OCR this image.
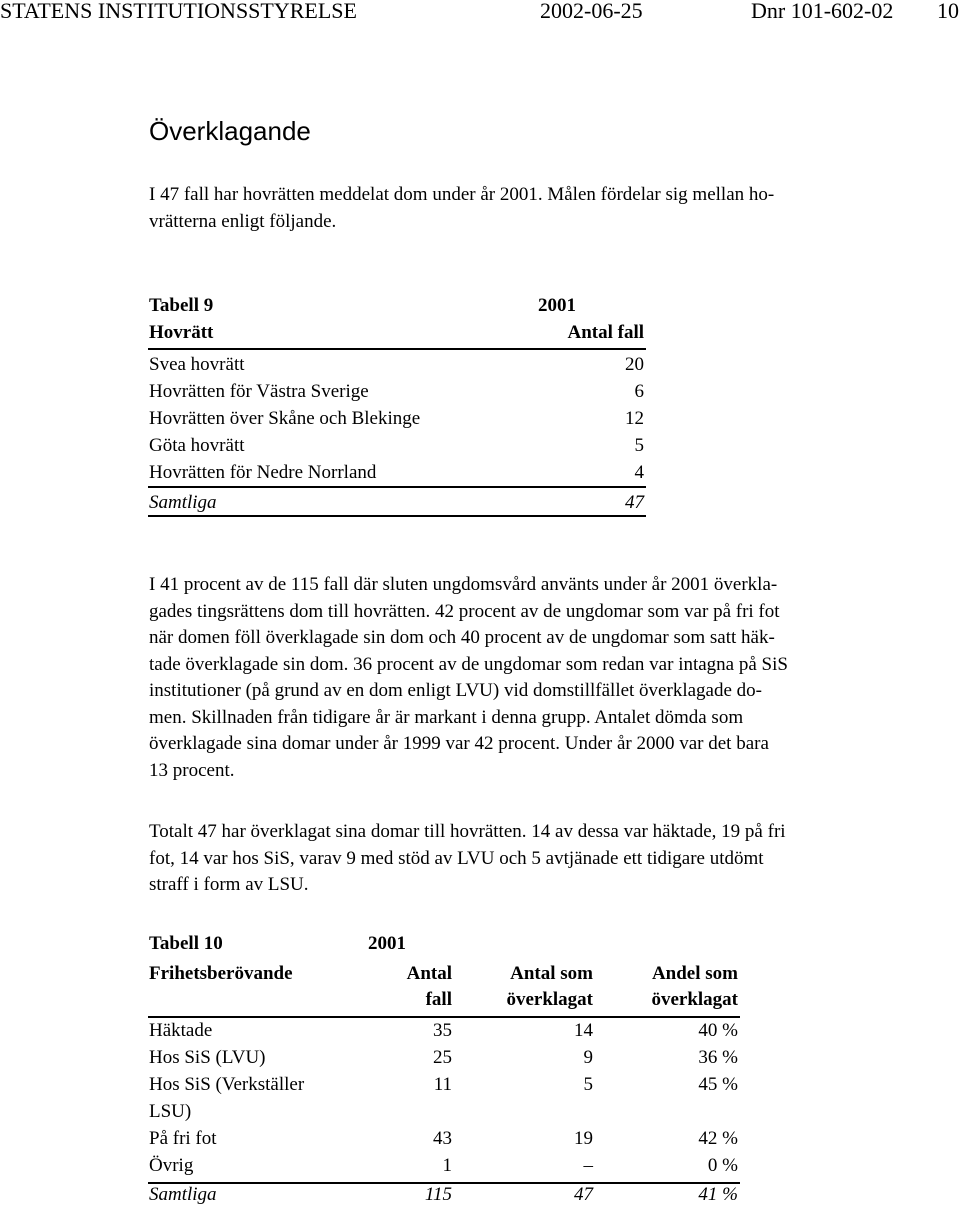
STATENS INSTITUTIONSSTYRELSE	2002-06-25	Dnr 101-602-02 10
Överklagande
I 47 fall har hovrätten meddelat dom under år 2001. Målen fördelar sig mellan ho-
vrätterna enligt följande.
Tabell 9	2001
Hovrätt	Antal fall
Svea hovrätt	20
Hovrätten för Västra Sverige	6
Hovrätten över Skåne och Blekinge	12
Göta hovrätt	5
Hovrätten för Nedre Norrland	4
Samtliga	47
I 41 procent av de 115 fall där sluten ungdomsvård använts under år 2001 överkla-
gades tingsrättens dom till hovrätten. 42 procent av de ungdomar som var på fri fot
när domen föll överklagade sin dom och 40 procent av de ungdomar som satt häk-
tade överklagade sin dom. 36 procent av de ungdomar som redan var intagna på SiS
institutioner (på grund av en dom enligt LVU) vid domstillfället överklagade do-
men. Skillnaden från tidigare år är markant i denna grupp. Antalet dömda som
överklagade sina domar under år 1999 var 42 procent. Under år 2000 var det bara
13 procent.
Totalt 47 har överklagat sina domar till hovrätten. 14 av dessa var häktade, 19 på fri
fot, 14 var hos SiS, varav 9 med stöd av LVU och 5 avtjänade ett tidigare utdömt
straff i form av LSU.
Tabell 10	2001
Frihetsberövande	Antal	Antal som	Andel som
fall	överklagat	överklagat
Häktade	35	14	40 %
Hos SiS (LVU)	25	9	36 %
Hos SiS (Verkställer	11	5	45 %
LSU)
På fri fot	43	19	42 %
Övrig	1	–	0 %
Samtliga	115	47	41 %
